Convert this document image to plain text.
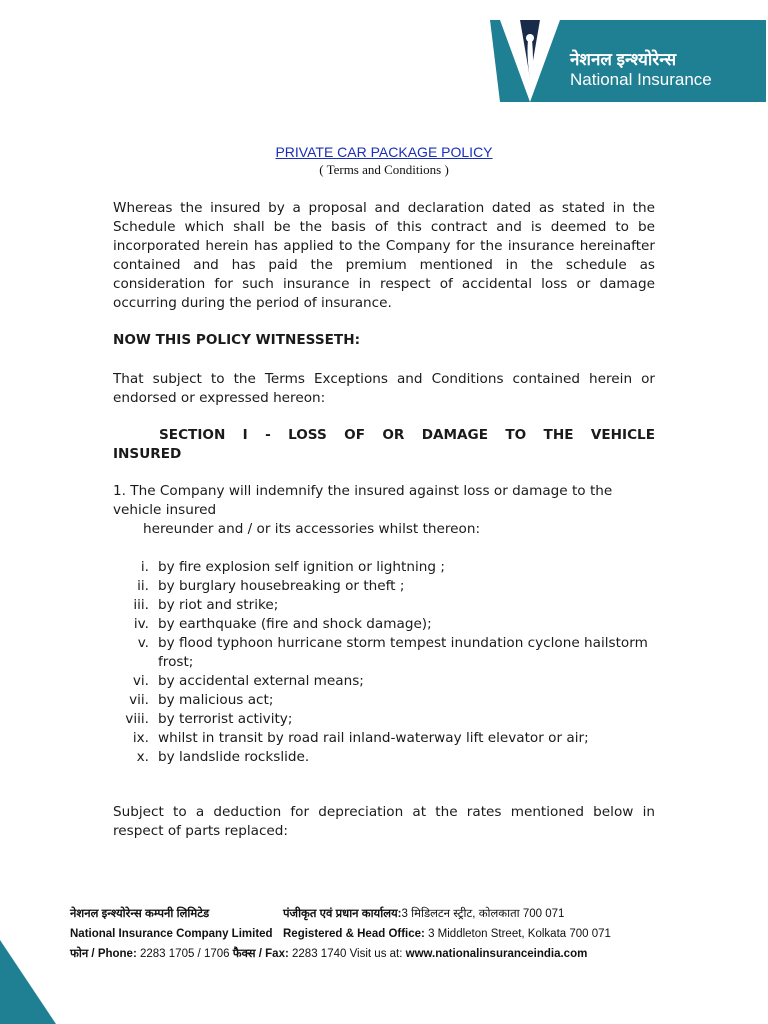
नेशनल इन्श्योरेन्स
National Insurance
PRIVATE CAR PACKAGE POLICY
( Terms and Conditions )

Whereas the insured by a proposal and declaration dated as stated in the Schedule which shall be the basis of this contract and is deemed to be incorporated herein has applied to the Company for the insurance hereinafter contained and has paid the premium mentioned in the schedule as consideration for such insurance in respect of accidental loss or damage occurring during the period of insurance.

NOW THIS POLICY WITNESSETH:

That subject to the Terms Exceptions and Conditions contained herein or endorsed or expressed hereon:

SECTION I - LOSS OF OR DAMAGE TO THE VEHICLE
INSURED
1. The Company will indemnify the insured against loss or damage to the vehicle insured
hereunder and / or its accessories whilst thereon:
i. by fire explosion self ignition or lightning ;
ii. by burglary housebreaking or theft ;
iii. by riot and strike;
iv. by earthquake (fire and shock damage);
v. by flood typhoon hurricane storm tempest inundation cyclone hailstorm frost;
vi. by accidental external means;
vii. by malicious act;
viii. by terrorist activity;
ix. whilst in transit by road rail inland-waterway lift elevator or air;
x. by landslide rockslide.

Subject to a deduction for depreciation at the rates mentioned below in respect of parts replaced:

नेशनल इन्श्योरेन्स कम्पनी लिमिटेड	पंजीकृत एवं प्रधान कार्यालय:3 मिडिलटन स्ट्रीट, कोलकाता 700 071
National Insurance Company Limited Registered & Head Office: 3 Middleton Street, Kolkata 700 071
फोन / Phone: 2283 1705 / 1706 फैक्स / Fax: 2283 1740 Visit us at: www.nationalinsuranceindia.com
